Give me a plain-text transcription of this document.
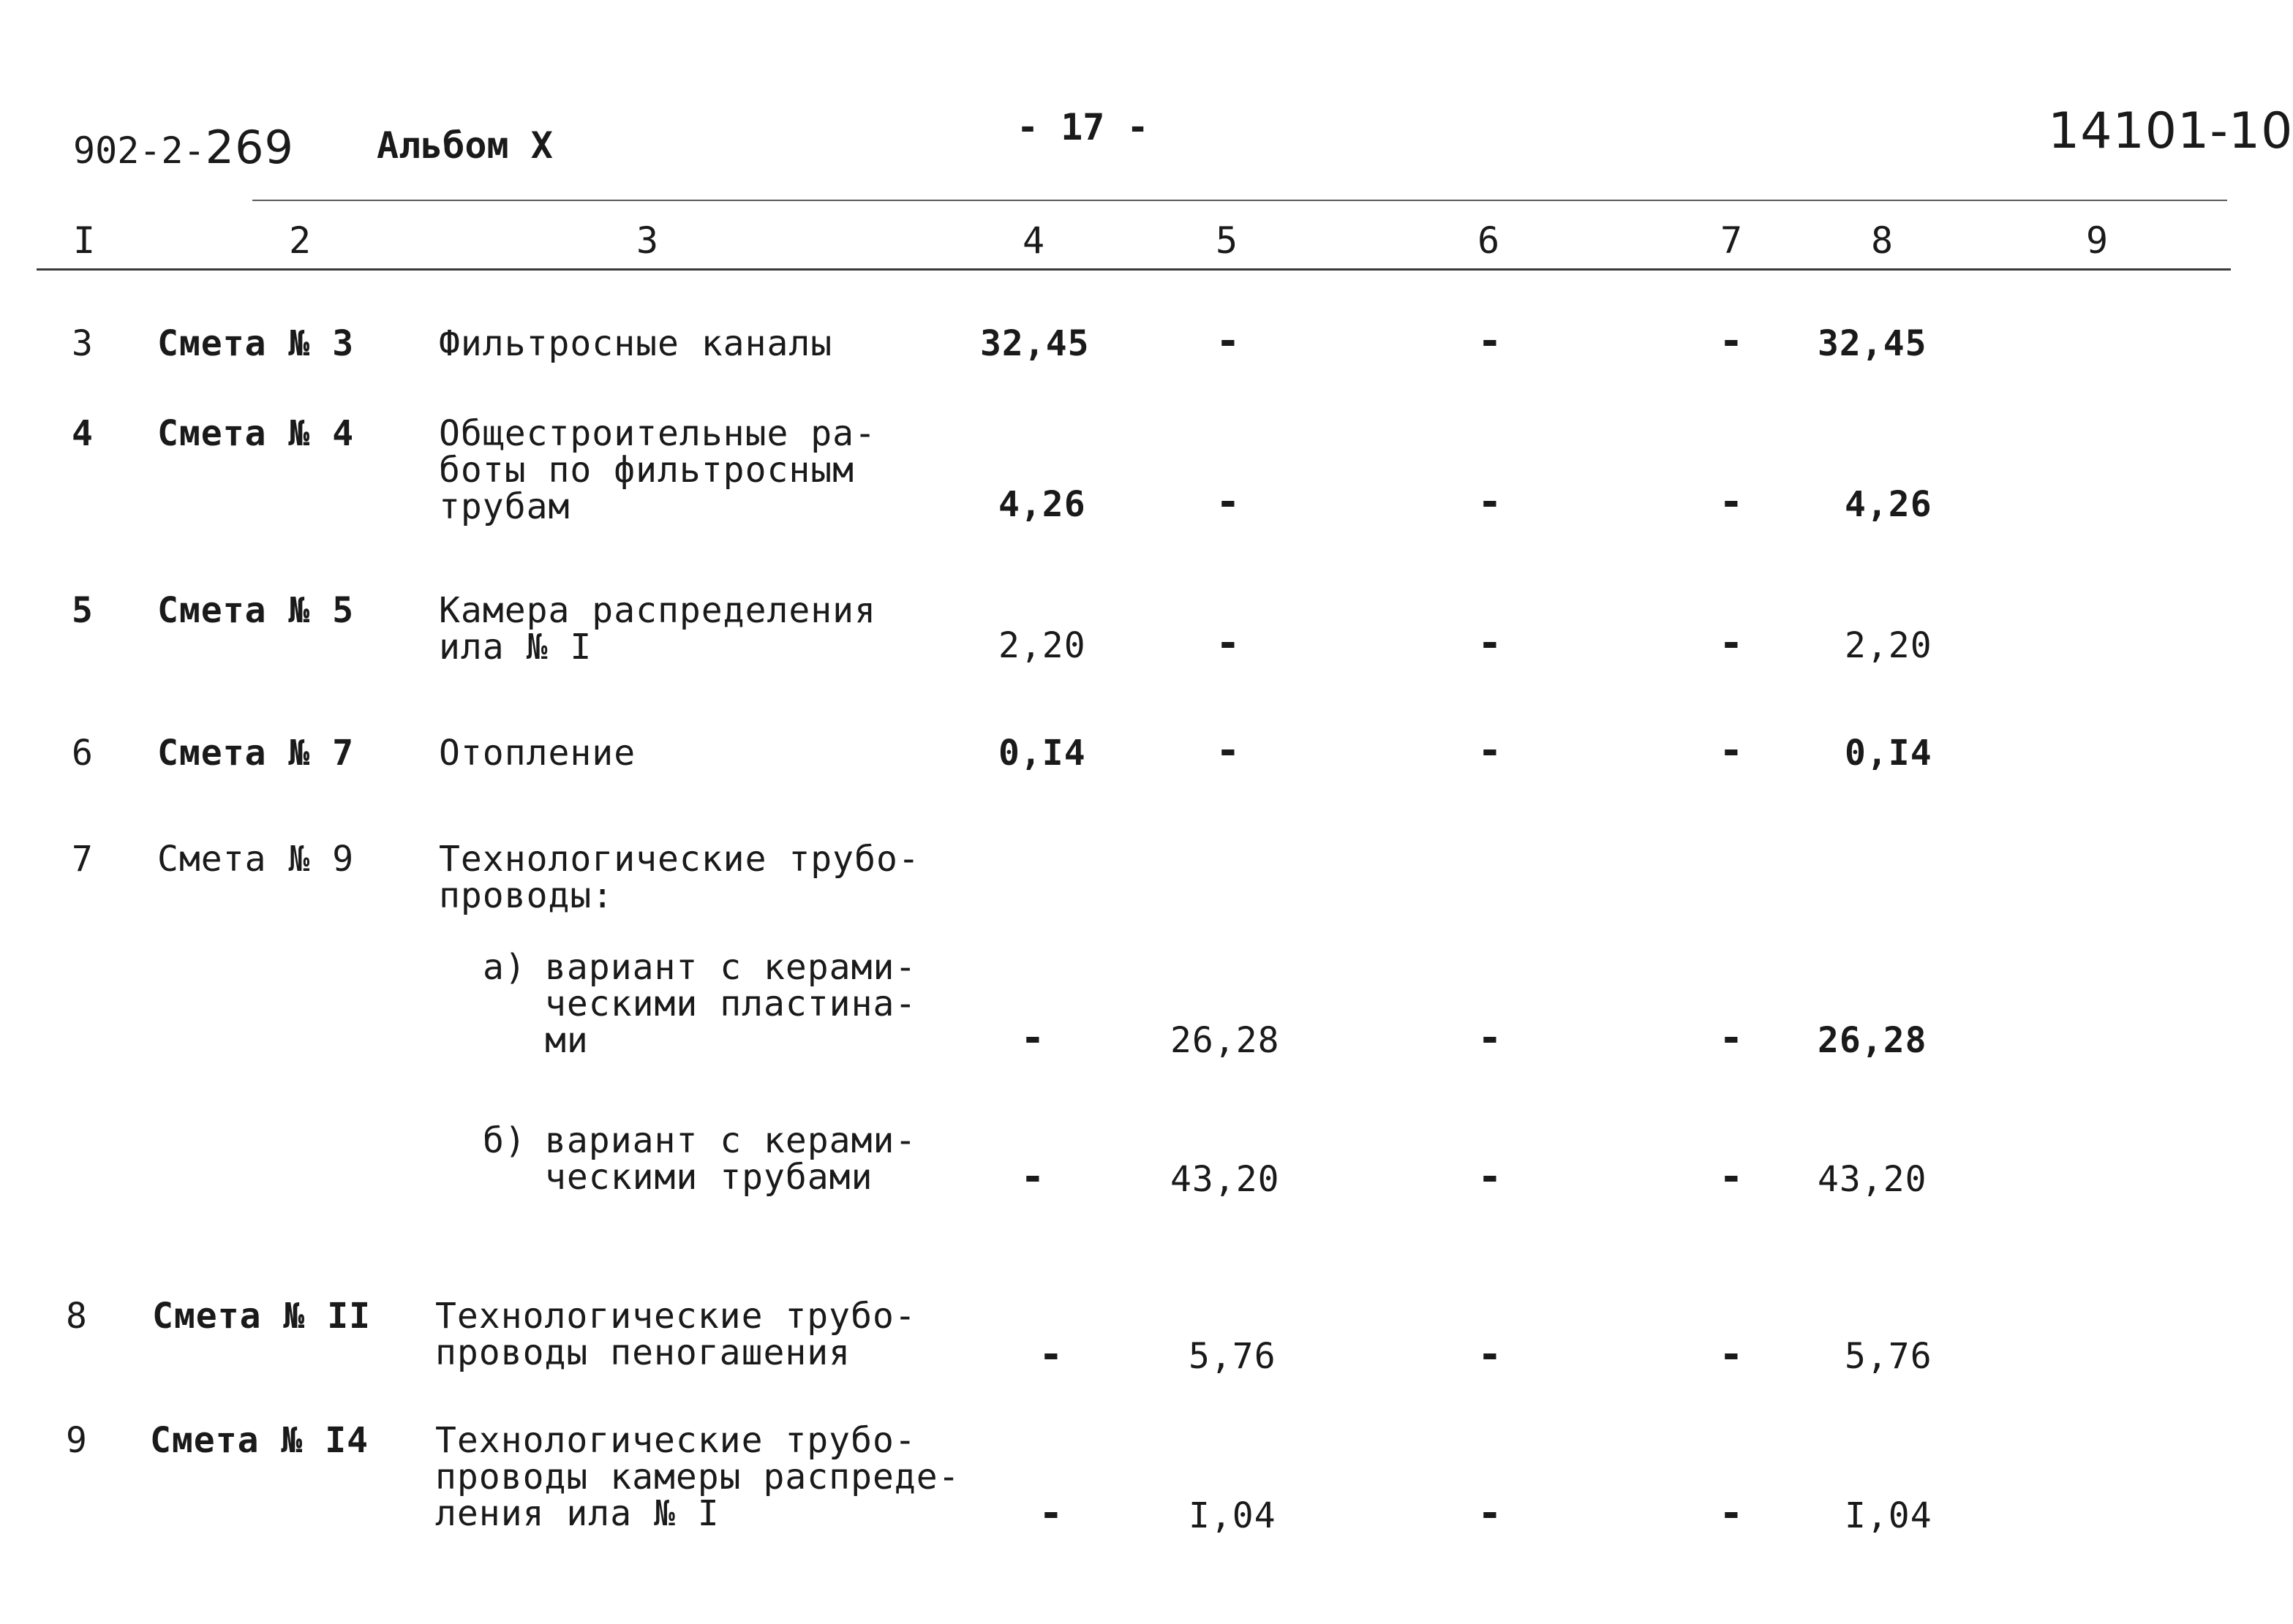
902-2-269 Альбом X	- 17 -	14101-10
I	2	3	4	5	6	7	8	9
3 Смета № 3 Фильтросные каналы	32,45	-	-	- 32,45
4 Смета № 4 Общестроительные ра-
боты по фильтросным
трубам	4,26	-	-	-	4,26
5 Смета № 5 Камера распределения
ила № I	2,20	-	-	-	2,20
6 Смета № 7 Отопление	0,I4	-	-	-	0,I4
7 Смета № 9 Технологические трубо-
проводы:
а) вариант с керами-
ческими пластина-
ми	-	26,28	-	- 26,28
б) вариант с керами-
ческими трубами	-	43,20	-	- 43,20
8 Смета № II Технологические трубо-
проводы пеногашения	-	5,76	-	-	5,76
9 Смета № I4 Технологические трубо-
проводы камеры распреде-
ления ила № I	-	I,04	-	-	I,04
